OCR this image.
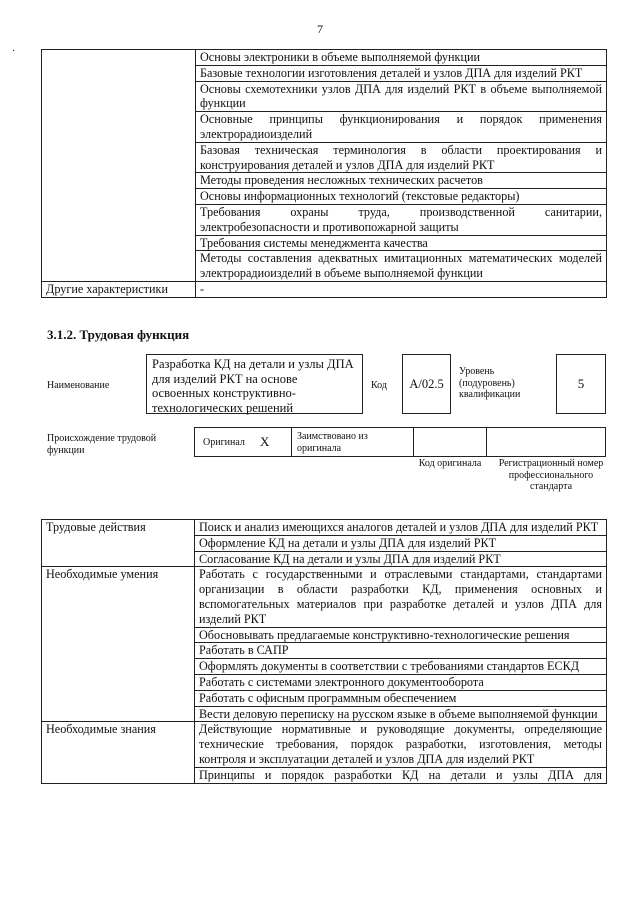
7
·
		Основы электроники в объеме выполняемой функции
	Базовые технологии изготовления деталей и узлов ДПА для изделий РКТ
	Основы схемотехники узлов ДПА для изделий РКТ в объеме выполняемой функции
	Основные принципы функционирования и порядок применения электрорадиоизделий
	Базовая техническая терминология в области проектирования и конструирования деталей и узлов ДПА для изделий РКТ
	Методы проведения несложных технических расчетов
	Основы информационных технологий (текстовые редакторы)
	Требования охраны труда, производственной санитарии, электробезопасности и противопожарной защиты
	Требования системы менеджмента качества
	Методы составления адекватных имитационных математических моделей электрорадиоизделий в объеме выполняемой функции
Другие характеристики	-
3.1.2. Трудовая функция
Наименование
Разработка КД на детали и узлы ДПА для изделий РКТ на основе освоенных конструктивно-технологических решений
Код	А/02.5
Уровень (подуровень) квалификации
5
Происхождение трудовой функции
Оригинал X	Заимствовано из оригинала
Код оригинала	Регистрационный номер профессионального стандарта
Трудовые действия	Поиск и анализ имеющихся аналогов деталей и узлов ДПА для изделий РКТ
	Оформление КД на детали и узлы ДПА для изделий РКТ
	Согласование КД на детали и узлы ДПА для изделий РКТ
Необходимые умения	Работать с государственными и отраслевыми стандартами, стандартами организации в области разработки КД, применения основных и вспомогательных материалов при разработке деталей и узлов ДПА для изделий РКТ
	Обосновывать предлагаемые конструктивно-технологические решения
	Работать в САПР
	Оформлять документы в соответствии с требованиями стандартов ЕСКД
	Работать с системами электронного документооборота
	Работать с офисным программным обеспечением
	Вести деловую переписку на русском языке в объеме выполняемой функции
Необходимые знания	Действующие нормативные и руководящие документы, определяющие технические требования, порядок разработки, изготовления, методы контроля и эксплуатации деталей и узлов ДПА для изделий РКТ
	Принципы и порядок разработки КД на детали и узлы ДПА для
